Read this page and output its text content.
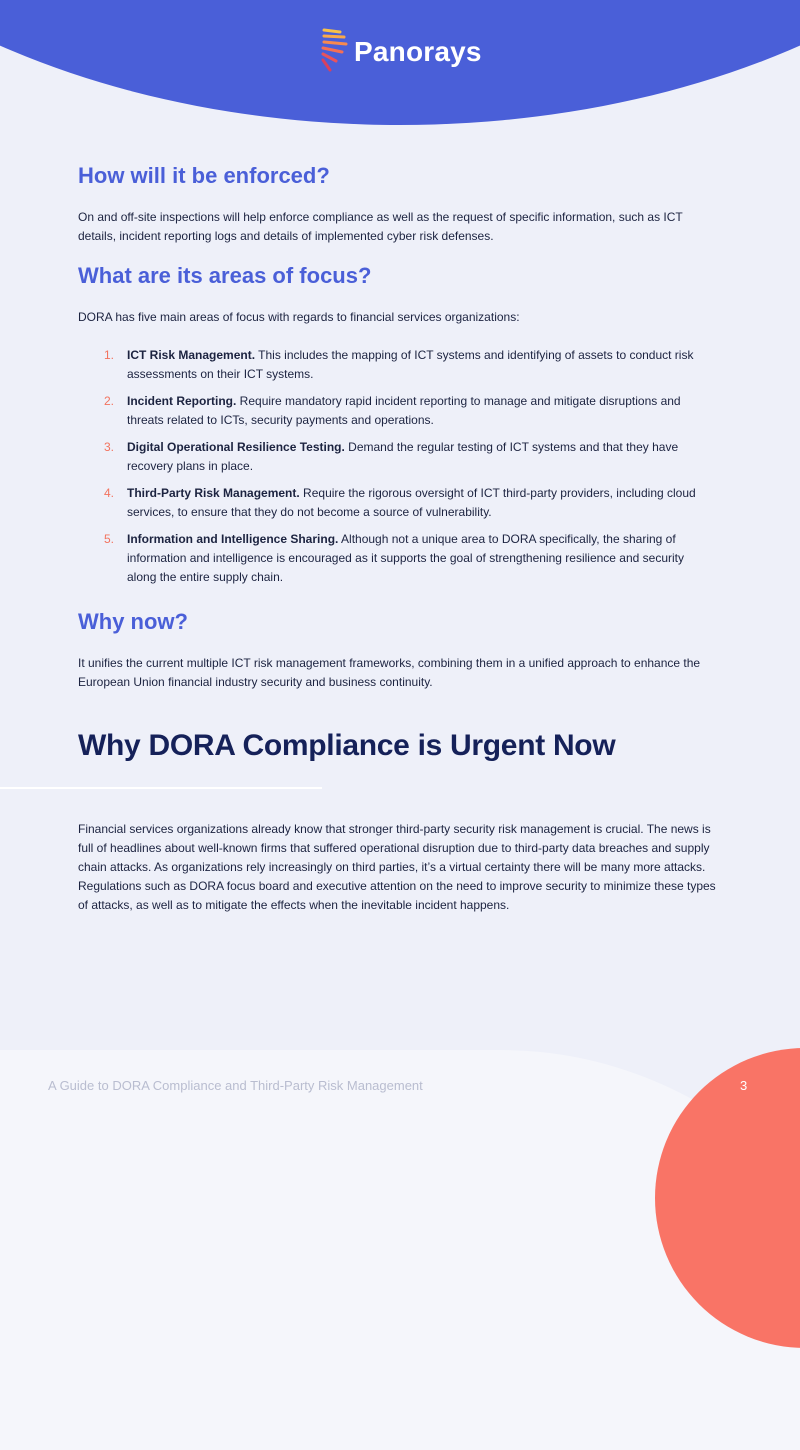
Panorays
How will it be enforced?

On and off-site inspections will help enforce compliance as well as the request of specific information, such as ICT details, incident reporting logs and details of implemented cyber risk defenses.

What are its areas of focus?

DORA has five main areas of focus with regards to financial services organizations:

1. ICT Risk Management. This includes the mapping of ICT systems and identifying of assets to conduct risk assessments on their ICT systems.
2. Incident Reporting. Require mandatory rapid incident reporting to manage and mitigate disruptions and threats related to ICTs, security payments and operations.
3. Digital Operational Resilience Testing. Demand the regular testing of ICT systems and that they have recovery plans in place.
4. Third-Party Risk Management. Require the rigorous oversight of ICT third-party providers, including cloud services, to ensure that they do not become a source of vulnerability.
5. Information and Intelligence Sharing. Although not a unique area to DORA specifically, the sharing of information and intelligence is encouraged as it supports the goal of strengthening resilience and security along the entire supply chain.
Why now?

It unifies the current multiple ICT risk management frameworks, combining them in a unified approach to enhance the European Union financial industry security and business continuity.

Why DORA Compliance is Urgent Now

Financial services organizations already know that stronger third-party security risk management is crucial. The news is full of headlines about well-known firms that suffered operational disruption due to third-party data breaches and supply chain attacks. As organizations rely increasingly on third parties, it’s a virtual certainty there will be many more attacks. Regulations such as DORA focus board and executive attention on the need to improve security to minimize these types of attacks, as well as to mitigate the effects when the inevitable incident happens.

A Guide to DORA Compliance and Third-Party Risk Management	3
